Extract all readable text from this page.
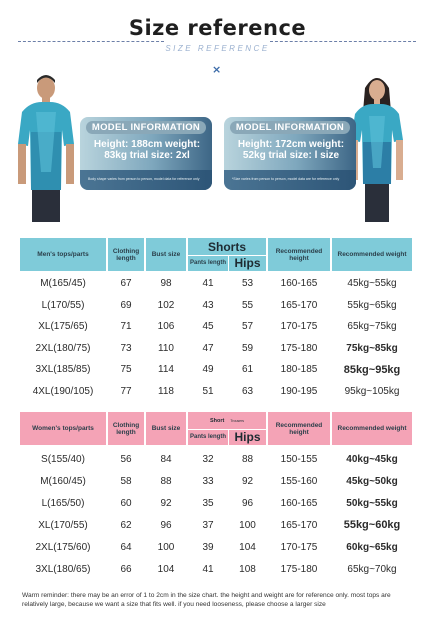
Size reference
SIZE REFERENCE
×
MODEL INFORMATION
Height: 188cm weight:
83kg trial size: 2xl
Body shape varies from person to person, model data for reference only
MODEL INFORMATION
Height: 172cm weight:
52kg trial size: l size
*Size varies from person to person, model data are for reference only
Men's tops/parts	Clothing length	Bust size
Shorts
Pants length Hips
Recommended height	Recommended weight
M(165/45)	67	98	41	53	160-165	45kg~55kg
L(170/55)	69	102	43	55	165-170	55kg~65kg
XL(175/65)	71	106	45	57	170-175	65kg~75kg
2XL(180/75)	73	110	47	59	175-180	75kg~85kg
3XL(185/85)	75	114	49	61	180-185	85kg~95kg
4XL(190/105)	77	118	51	63	190-195	95kg~105kg
Women's tops/parts	Clothing length	Bust size
Short Trousers
Pants length Hips
Recommended height	Recommended weight
S(155/40)	56	84	32	88	150-155	40kg~45kg
M(160/45)	58	88	33	92	155-160	45kg~50kg
L(165/50)	60	92	35	96	160-165	50kg~55kg
XL(170/55)	62	96	37	100	165-170	55kg~60kg
2XL(175/60)	64	100	39	104	170-175	60kg~65kg
3XL(180/65)	66	104	41	108	175-180	65kg~70kg
Warm reminder: there may be an error of 1 to 2cm in the size chart. the height and weight are for reference only. most tops are relatively large, because we want a size that fits well. if you need looseness, please choose a larger size
